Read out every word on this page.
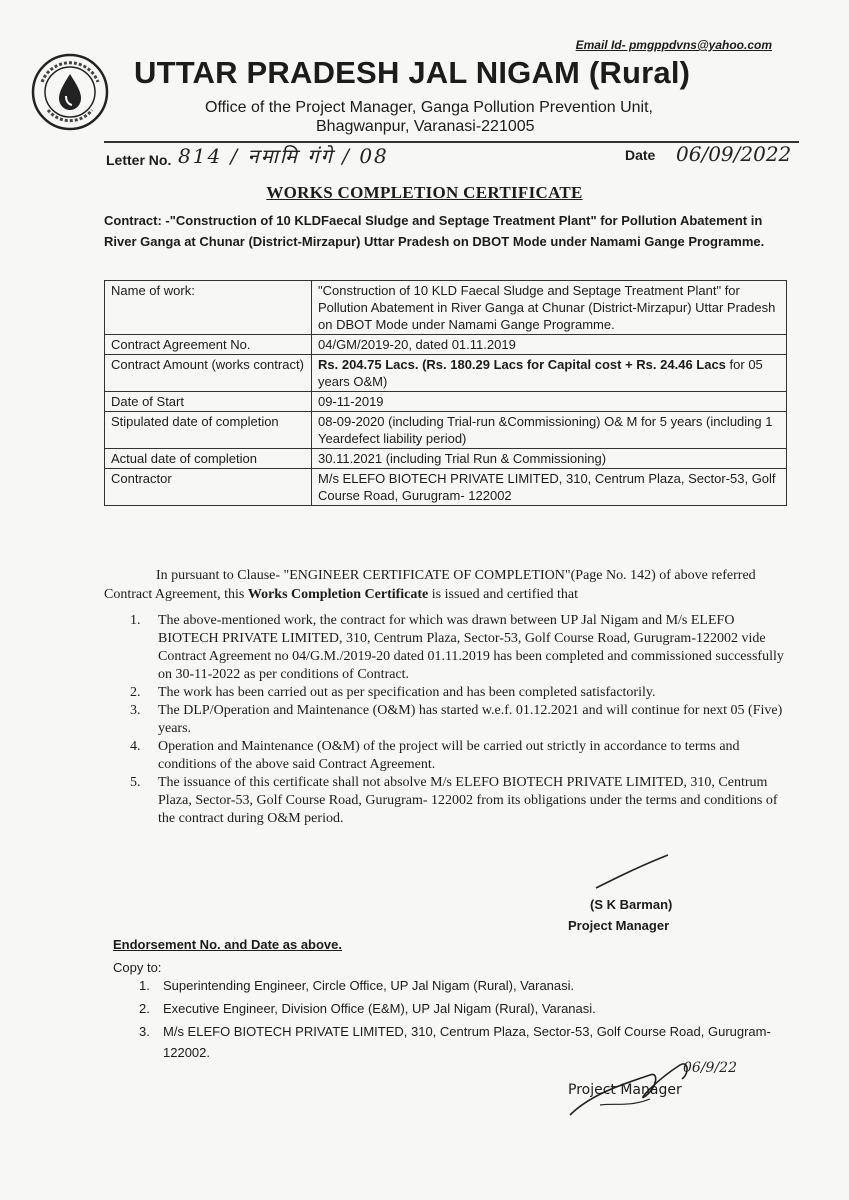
Email Id- pmgppdvns@yahoo.com
UTTAR PRADESH JAL NIGAM (Rural)
Office of the Project Manager, Ganga Pollution Prevention Unit,
Bhagwanpur, Varanasi-221005
Letter No. 814 / नमामि गंगे / 08	Date 06/09/2022
WORKS COMPLETION CERTIFICATE
Contract: -"Construction of 10 KLDFaecal Sludge and Septage Treatment Plant" for Pollution Abatement in River Ganga at Chunar (District-Mirzapur) Uttar Pradesh on DBOT Mode under Namami Gange Programme.
Name of work:	"Construction of 10 KLD Faecal Sludge and Septage Treatment Plant" for Pollution Abatement in River Ganga at Chunar (District-Mirzapur) Uttar Pradesh on DBOT Mode under Namami Gange Programme.
Contract Agreement No.	04/GM/2019-20, dated 01.11.2019
Contract Amount (works contract)	Rs. 204.75 Lacs. (Rs. 180.29 Lacs for Capital cost + Rs. 24.46 Lacs for 05 years O&M)
Date of Start	09-11-2019
Stipulated date of completion	08-09-2020 (including Trial-run &Commissioning) O& M for 5 years (including 1 Yeardefect liability period)
Actual date of completion	30.11.2021 (including Trial Run & Commissioning)
Contractor	M/s ELEFO BIOTECH PRIVATE LIMITED, 310, Centrum Plaza, Sector-53, Golf Course Road, Gurugram- 122002
In pursuant to Clause- "ENGINEER CERTIFICATE OF COMPLETION"(Page No. 142) of above referred Contract Agreement, this Works Completion Certificate is issued and certified that
1. The above-mentioned work, the contract for which was drawn between UP Jal Nigam and M/s ELEFO BIOTECH PRIVATE LIMITED, 310, Centrum Plaza, Sector-53, Golf Course Road, Gurugram-122002 vide Contract Agreement no 04/G.M./2019-20 dated 01.11.2019 has been completed and commissioned successfully on 30-11-2022 as per conditions of Contract.
2. The work has been carried out as per specification and has been completed satisfactorily.
3. The DLP/Operation and Maintenance (O&M) has started w.e.f. 01.12.2021 and will continue for next 05 (Five) years.
4. Operation and Maintenance (O&M) of the project will be carried out strictly in accordance to terms and conditions of the above said Contract Agreement.
5. The issuance of this certificate shall not absolve M/s ELEFO BIOTECH PRIVATE LIMITED, 310, Centrum Plaza, Sector-53, Golf Course Road, Gurugram- 122002 from its obligations under the terms and conditions of the contract during O&M period.
(S K Barman)
Project Manager
Endorsement No. and Date as above.
Copy to:
1. Superintending Engineer, Circle Office, UP Jal Nigam (Rural), Varanasi.
2. Executive Engineer, Division Office (E&M), UP Jal Nigam (Rural), Varanasi.
3. M/s ELEFO BIOTECH PRIVATE LIMITED, 310, Centrum Plaza, Sector-53, Golf Course Road, Gurugram- 122002.
Project Manager
06/9/22
